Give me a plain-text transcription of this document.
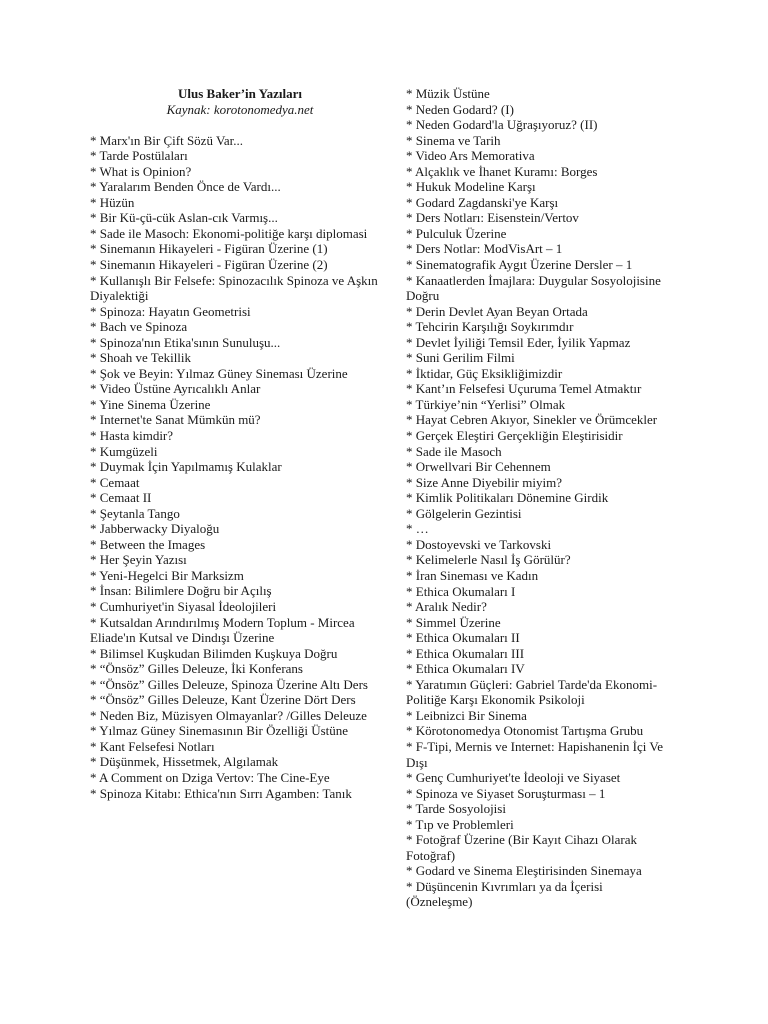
Ulus Baker’in Yazıları

Kaynak: korotonomedya.net

* Marx'ın Bir Çift Sözü Var...
* Tarde Postülaları
* What is Opinion?
* Yaralarım Benden Önce de Vardı...
* Hüzün
* Bir Kü-çü-cük Aslan-cık Varmış...
* Sade ile Masoch: Ekonomi-politiğe karşı diplomasi
* Sinemanın Hikayeleri - Figüran Üzerine (1)
* Sinemanın Hikayeleri - Figüran Üzerine (2)
* Kullanışlı Bir Felsefe: Spinozacılık Spinoza ve Aşkın Diyalektiği
* Spinoza: Hayatın Geometrisi
* Bach ve Spinoza
* Spinoza'nın Etika'sının Sunuluşu...
* Shoah ve Tekillik
* Şok ve Beyin: Yılmaz Güney Sineması Üzerine
* Video Üstüne Ayrıcalıklı Anlar
* Yine Sinema Üzerine
* Internet'te Sanat Mümkün mü?
* Hasta kimdir?
* Kumgüzeli
* Duymak İçin Yapılmamış Kulaklar
* Cemaat
* Cemaat II
* Şeytanla Tango
* Jabberwacky Diyaloğu
* Between the Images
* Her Şeyin Yazısı
* Yeni-Hegelci Bir Marksizm
* İnsan: Bilimlere Doğru bir Açılış
* Cumhuriyet'in Siyasal İdeolojileri
* Kutsaldan Arındırılmış Modern Toplum - Mircea Eliade'ın Kutsal ve Dindışı Üzerine
* Bilimsel Kuşkudan Bilimden Kuşkuya Doğru
* “Önsöz” Gilles Deleuze, İki Konferans
* “Önsöz” Gilles Deleuze, Spinoza Üzerine Altı Ders
* “Önsöz” Gilles Deleuze, Kant Üzerine Dört Ders
* Neden Biz, Müzisyen Olmayanlar? /Gilles Deleuze
* Yılmaz Güney Sinemasının Bir Özelliği Üstüne
* Kant Felsefesi Notları
* Düşünmek, Hissetmek, Algılamak
* A Comment on Dziga Vertov: The Cine-Eye
* Spinoza Kitabı: Ethica'nın Sırrı Agamben: Tanık
* Müzik Üstüne
* Neden Godard? (I)
* Neden Godard'la Uğraşıyoruz? (II)
* Sinema ve Tarih
* Video Ars Memorativa
* Alçaklık ve İhanet Kuramı: Borges
* Hukuk Modeline Karşı
* Godard Zagdanski'ye Karşı
* Ders Notları: Eisenstein/Vertov
* Pulculuk Üzerine
* Ders Notlar: ModVisArt – 1
* Sinematografik Aygıt Üzerine Dersler – 1
* Kanaatlerden İmajlara: Duygular Sosyolojisine Doğru
* Derin Devlet Ayan Beyan Ortada
* Tehcirin Karşılığı Soykırımdır
* Devlet İyiliği Temsil Eder, İyilik Yapmaz
* Suni Gerilim Filmi
* İktidar, Güç Eksikliğimizdir
* Kant’ın Felsefesi Uçuruma Temel Atmaktır
* Türkiye’nin “Yerlisi” Olmak
* Hayat Cebren Akıyor, Sinekler ve Örümcekler
* Gerçek Eleştiri Gerçekliğin Eleştirisidir
* Sade ile Masoch
* Orwellvari Bir Cehennem
* Size Anne Diyebilir miyim?
* Kimlik Politikaları Dönemine Girdik
* Gölgelerin Gezintisi
* …
* Dostoyevski ve Tarkovski
* Kelimelerle Nasıl İş Görülür?
* İran Sineması ve Kadın
* Ethica Okumaları I
* Aralık Nedir?
* Simmel Üzerine
* Ethica Okumaları II
* Ethica Okumaları III
* Ethica Okumaları IV
* Yaratımın Güçleri: Gabriel Tarde'da Ekonomi-Politiğe Karşı Ekonomik Psikoloji
* Leibnizci Bir Sinema
* Körotonomedya Otonomist Tartışma Grubu
* F-Tipi, Mernis ve Internet: Hapishanenin İçi Ve Dışı
* Genç Cumhuriyet'te İdeoloji ve Siyaset
* Spinoza ve Siyaset Soruşturması – 1
* Tarde Sosyolojisi
* Tıp ve Problemleri
* Fotoğraf Üzerine (Bir Kayıt Cihazı Olarak Fotoğraf)
* Godard ve Sinema Eleştirisinden Sinemaya
* Düşüncenin Kıvrımları ya da İçerisi (Özneleşme)
